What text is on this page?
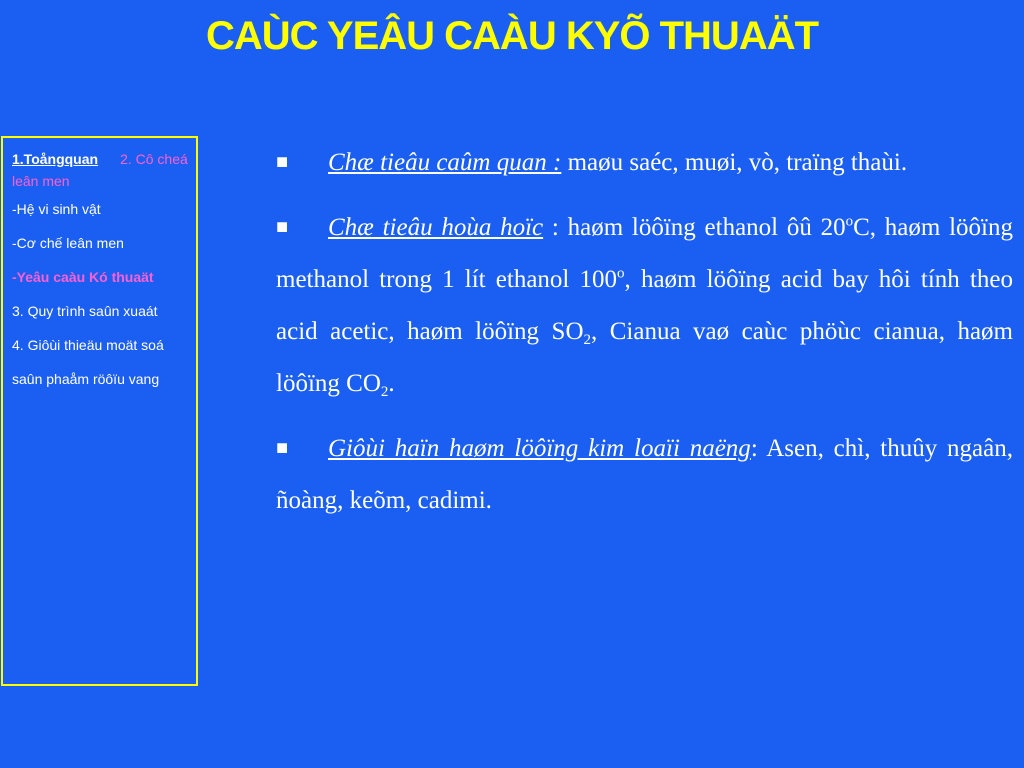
CAÙC YEÂU CAÀU KYÕ THUAÄT
1.Toångquan 2. Cô cheá leân men
-Hệ vi sinh vật
-Cơ chế leân men
-Yeâu caàu Kó thuaät
3. Quy trình saûn xuaát
4. Giôùi thieäu moät soá saûn phaåm röôïu vang

■ Chæ tieâu caûm quan : maøu saéc, muøi, vò, traïng thaùi.

■ Chæ tieâu hoùa hoïc : haøm löôïng ethanol ôû 20$^o$C, haøm löôïng methanol trong 1 lít ethanol 100$^o$, haøm löôïng acid bay hôi tính theo acid acetic, haøm löôïng $SO_2$, Cianua vaø caùc phöùc cianua, haøm löôïng $CO_2$.

■ Giôùi haïn haøm löôïng kim loaïi naëng: Asen, chì, thuûy ngaân, ñoàng, keõm, cadimi.
